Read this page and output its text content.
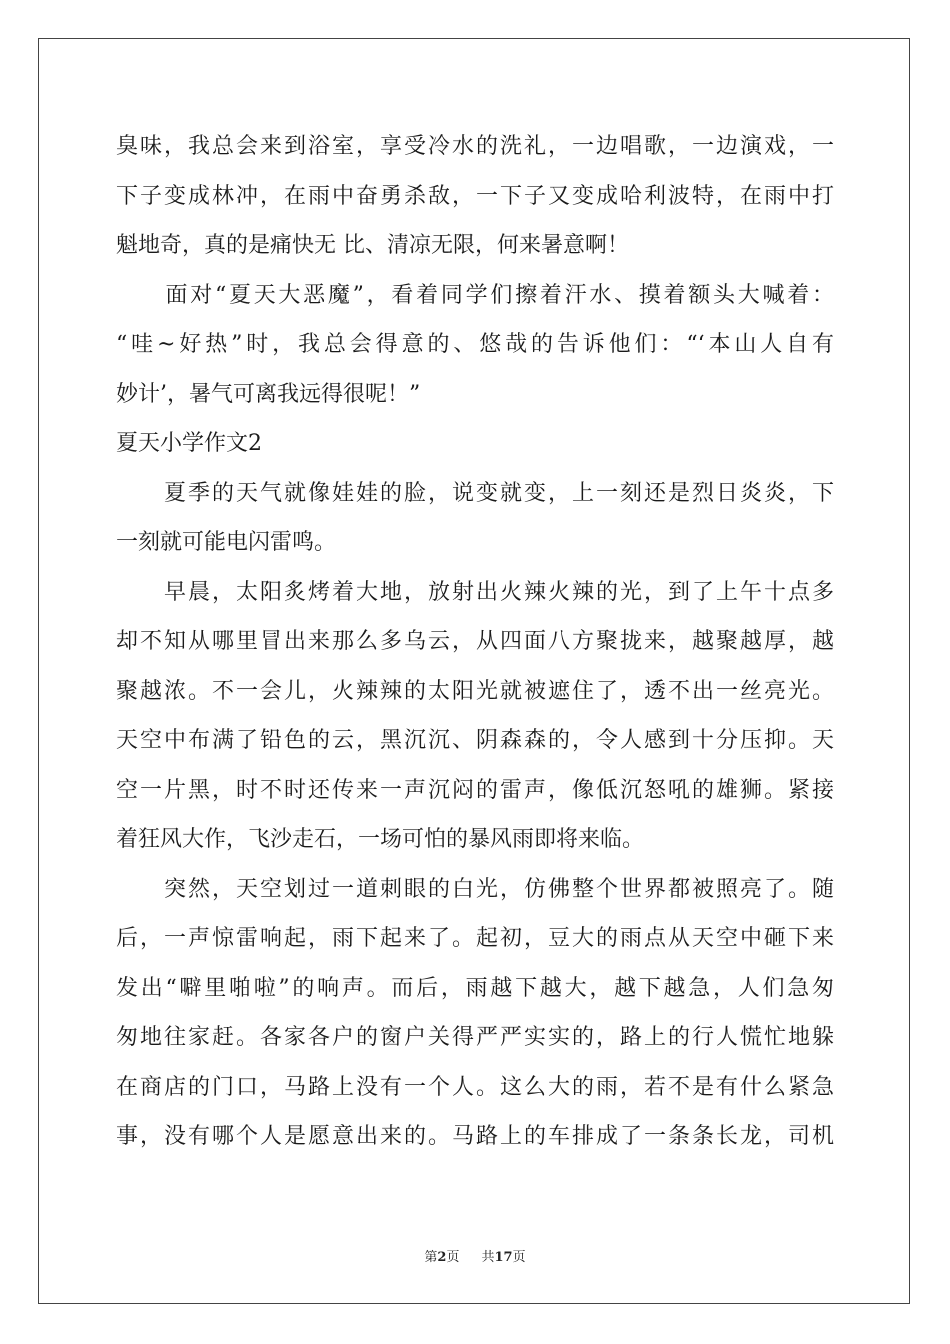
臭味，我总会来到浴室，享受冷水的洗礼，一边唱歌，一边演戏，一
下子变成林冲，在雨中奋勇杀敌，一下子又变成哈利波特，在雨中打
魁地奇，真的是痛快无 比、清凉无限，何来暑意啊！
　　面对“夏天大恶魔”，看着同学们擦着汗水、摸着额头大喊着：
“哇~好热”时，我总会得意的、悠哉的告诉他们：“‘本山人自有
妙计’，暑气可离我远得很呢！”
夏天小学作文2
　　夏季的天气就像娃娃的脸，说变就变，上一刻还是烈日炎炎，下
一刻就可能电闪雷鸣。
　　早晨，太阳炙烤着大地，放射出火辣火辣的光，到了上午十点多
却不知从哪里冒出来那么多乌云，从四面八方聚拢来，越聚越厚，越
聚越浓。不一会儿，火辣辣的太阳光就被遮住了，透不出一丝亮光。
天空中布满了铅色的云，黑沉沉、阴森森的，令人感到十分压抑。天
空一片黑，时不时还传来一声沉闷的雷声，像低沉怒吼的雄狮。紧接
着狂风大作，飞沙走石，一场可怕的暴风雨即将来临。
　　突然，天空划过一道刺眼的白光，仿佛整个世界都被照亮了。随
后，一声惊雷响起，雨下起来了。起初，豆大的雨点从天空中砸下来
发出“噼里啪啦”的响声。而后，雨越下越大，越下越急，人们急匆
匆地往家赶。各家各户的窗户关得严严实实的，路上的行人慌忙地躲
在商店的门口，马路上没有一个人。这么大的雨，若不是有什么紧急
事，没有哪个人是愿意出来的。马路上的车排成了一条条长龙，司机
第2页 共17页
